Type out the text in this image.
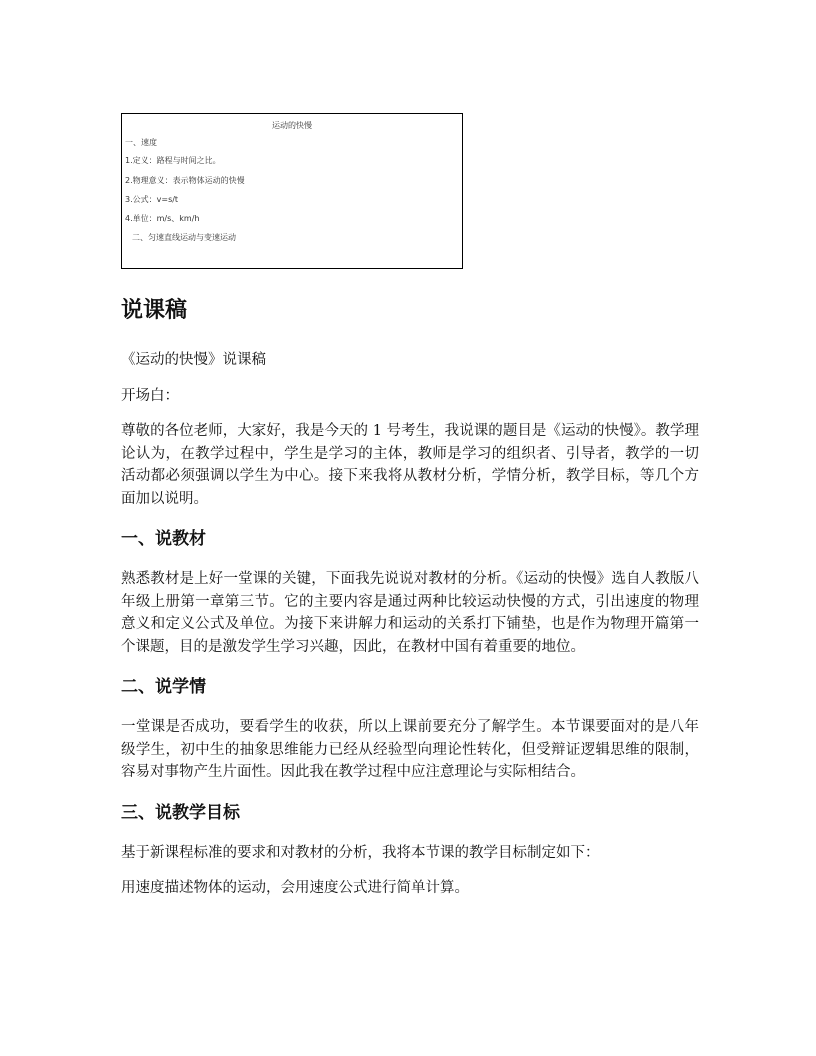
运动的快慢
一、速度
1.定义：路程与时间之比。
2.物理意义：表示物体运动的快慢
3.公式：v=s/t
4.单位：m/s、km/h
二、匀速直线运动与变速运动
说课稿

《运动的快慢》说课稿

开场白：

尊敬的各位老师，大家好，我是今天的 1 号考生，我说课的题目是《运动的快慢》。教学理论认为，在教学过程中，学生是学习的主体，教师是学习的组织者、引导者，教学的一切活动都必须强调以学生为中心。接下来我将从教材分析，学情分析，教学目标，等几个方面加以说明。

一、说教材

熟悉教材是上好一堂课的关键，下面我先说说对教材的分析。《运动的快慢》选自人教版八年级上册第一章第三节。它的主要内容是通过两种比较运动快慢的方式，引出速度的物理意义和定义公式及单位。为接下来讲解力和运动的关系打下铺垫，也是作为物理开篇第一个课题，目的是激发学生学习兴趣，因此，在教材中国有着重要的地位。

二、说学情

一堂课是否成功，要看学生的收获，所以上课前要充分了解学生。本节课要面对的是八年级学生，初中生的抽象思维能力已经从经验型向理论性转化，但受辩证逻辑思维的限制，容易对事物产生片面性。因此我在教学过程中应注意理论与实际相结合。

三、说教学目标

基于新课程标准的要求和对教材的分析，我将本节课的教学目标制定如下：

用速度描述物体的运动，会用速度公式进行简单计算。
